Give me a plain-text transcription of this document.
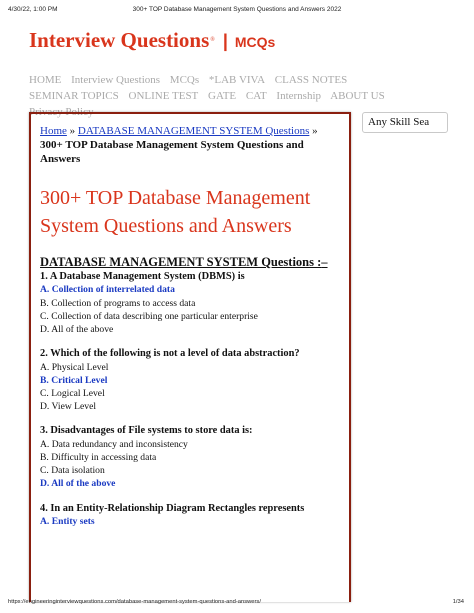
4/30/22, 1:00 PM	300+ TOP Database Management System Questions and Answers 2022
Interview Questions® | MCQs
HOME Interview Questions MCQs *LAB VIVA CLASS NOTES SEMINAR TOPICS ONLINE TEST GATE CAT Internship ABOUT US Privacy Policy
Any Skill Sea
Home » DATABASE MANAGEMENT SYSTEM Questions » 300+ TOP Database Management System Questions and Answers
300+ TOP Database Management System Questions and Answers
DATABASE MANAGEMENT SYSTEM Questions :–
1. A Database Management System (DBMS) is
A. Collection of interrelated data
B. Collection of programs to access data
C. Collection of data describing one particular enterprise
D. All of the above
2. Which of the following is not a level of data abstraction?
A. Physical Level
B. Critical Level
C. Logical Level
D. View Level
3. Disadvantages of File systems to store data is:
A. Data redundancy and inconsistency
B. Difficulty in accessing data
C. Data isolation
D. All of the above
4. In an Entity-Relationship Diagram Rectangles represents
A. Entity sets
https://engineeringinterviewquestions.com/database-management-system-questions-and-answers/	1/34
